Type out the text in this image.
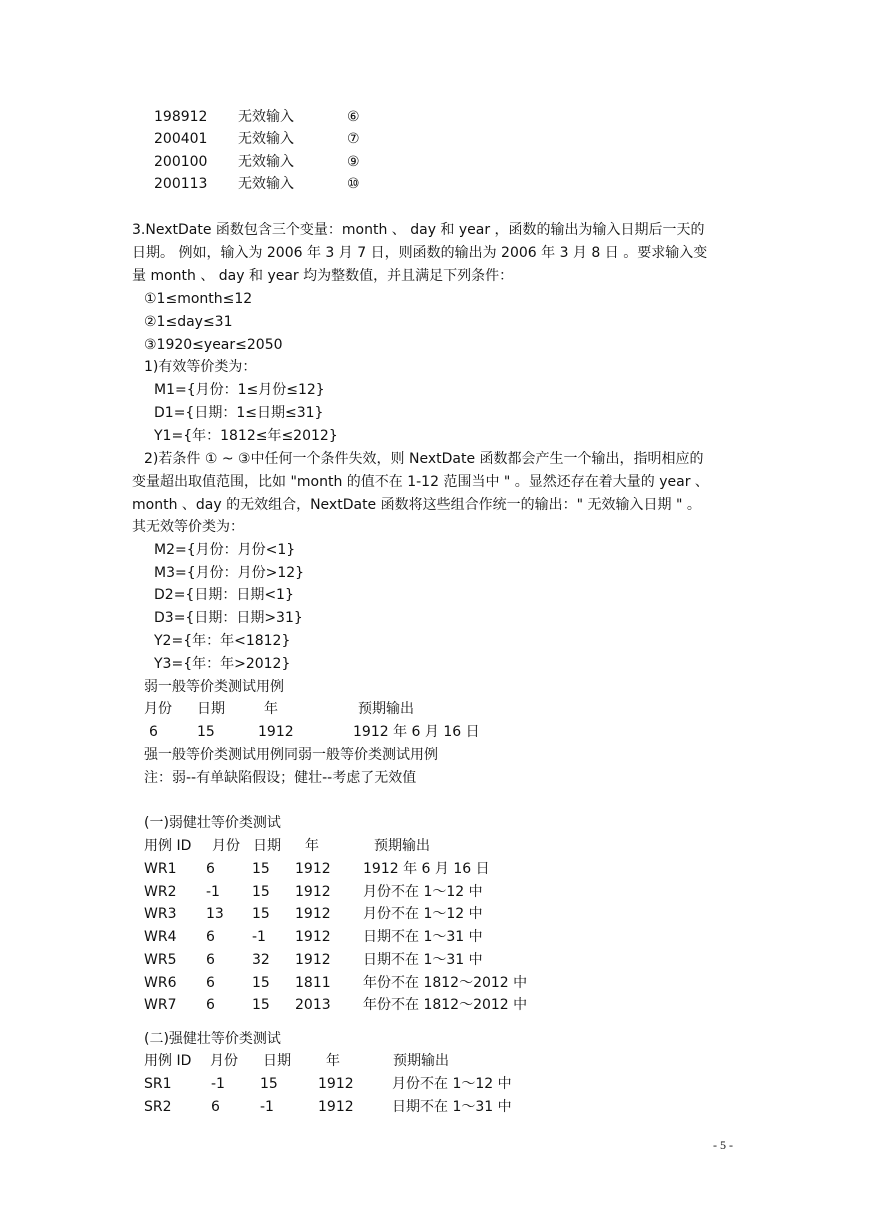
198912 无效输入	⑥
200401 无效输入	⑦
200100 无效输入	⑨
200113 无效输入	⑩
3.NextDate 函数包含三个变量：month 、 day 和 year ，函数的输出为输入日期后一天的
日期。 例如，输入为 2006 年 3 月 7 日，则函数的输出为 2006 年 3 月 8 日 。要求输入变
量 month 、 day 和 year 均为整数值，并且满足下列条件：
①1≤month≤12
②1≤day≤31
③1920≤year≤2050
1)有效等价类为：
M1={月份：1≤月份≤12}
D1={日期：1≤日期≤31}
Y1={年：1812≤年≤2012}
2)若条件 ① ~ ③中任何一个条件失效，则 NextDate 函数都会产生一个输出，指明相应的
变量超出取值范围，比如 "month 的值不在 1-12 范围当中 " 。显然还存在着大量的 year 、
month 、day 的无效组合，NextDate 函数将这些组合作统一的输出：" 无效输入日期 " 。
其无效等价类为：
M2={月份：月份<1}
M3={月份：月份>12}
D2={日期：日期<1}
D3={日期：日期>31}
Y2={年：年<1812}
Y3={年：年>2012}
弱一般等价类测试用例
月份 日期	年	预期输出
6	15	1912	1912 年 6 月 16 日
强一般等价类测试用例同弱一般等价类测试用例
注：弱--有单缺陷假设；健壮--考虑了无效值
(一)弱健壮等价类测试
用例 ID 月份 日期 年	预期输出
WR1 6	15 1912 1912 年 6 月 16 日
WR2 -1 15 1912 月份不在 1～12 中
WR3 13 15 1912 月份不在 1～12 中
WR4 6	-1 1912 日期不在 1～31 中
WR5 6	32 1912 日期不在 1～31 中
WR6 6	15 1811 年份不在 1812～2012 中
WR7 6	15 2013 年份不在 1812～2012 中
(二)强健壮等价类测试
用例 ID 月份 日期	年	预期输出
SR1	-1	15	1912	月份不在 1～12 中
SR2	6	-1	1912	日期不在 1～31 中
- 5 -
